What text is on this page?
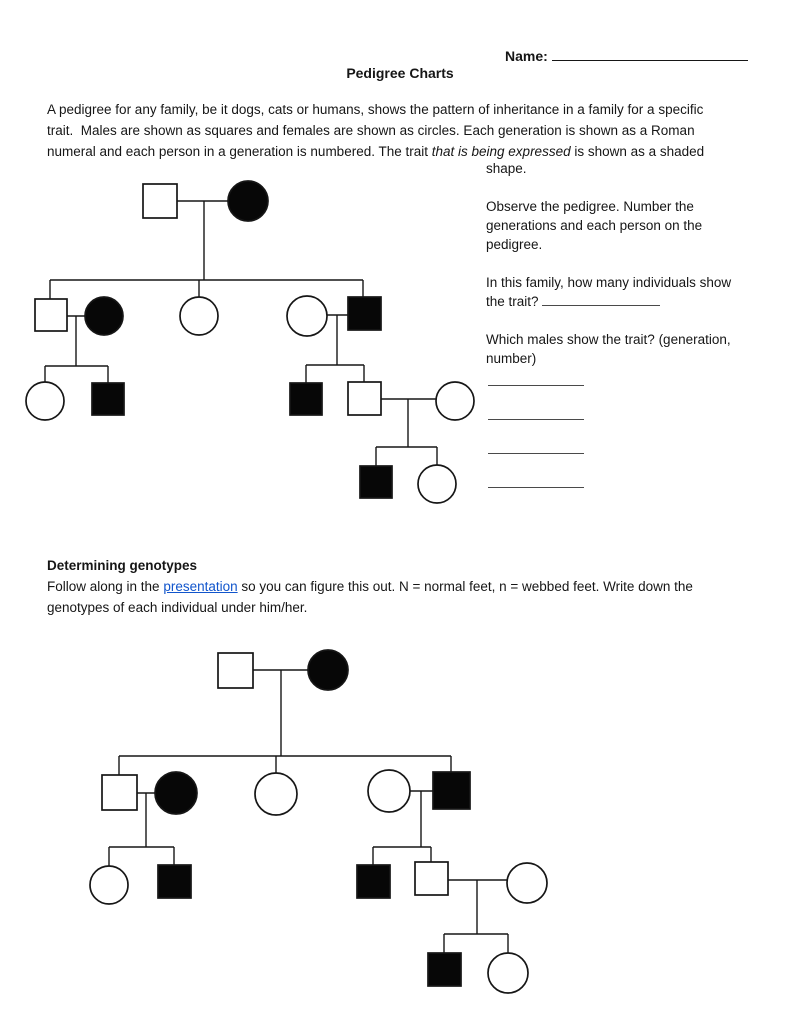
Name:
Pedigree Charts
A pedigree for any family, be it dogs, cats or humans, shows the pattern of inheritance in a family for a specific
trait.  Males are shown as squares and females are shown as circles. Each generation is shown as a Roman
numeral and each person in a generation is numbered. The trait that is being expressed is shown as a shaded
shape.
Observe the pedigree. Number the
generations and each person on the
pedigree.
In this family, how many individuals show
the trait?
Which males show the trait? (generation,
number)
Determining genotypes
Follow along in the presentation so you can figure this out. N = normal feet, n = webbed feet. Write down the
genotypes of each individual under him/her.
